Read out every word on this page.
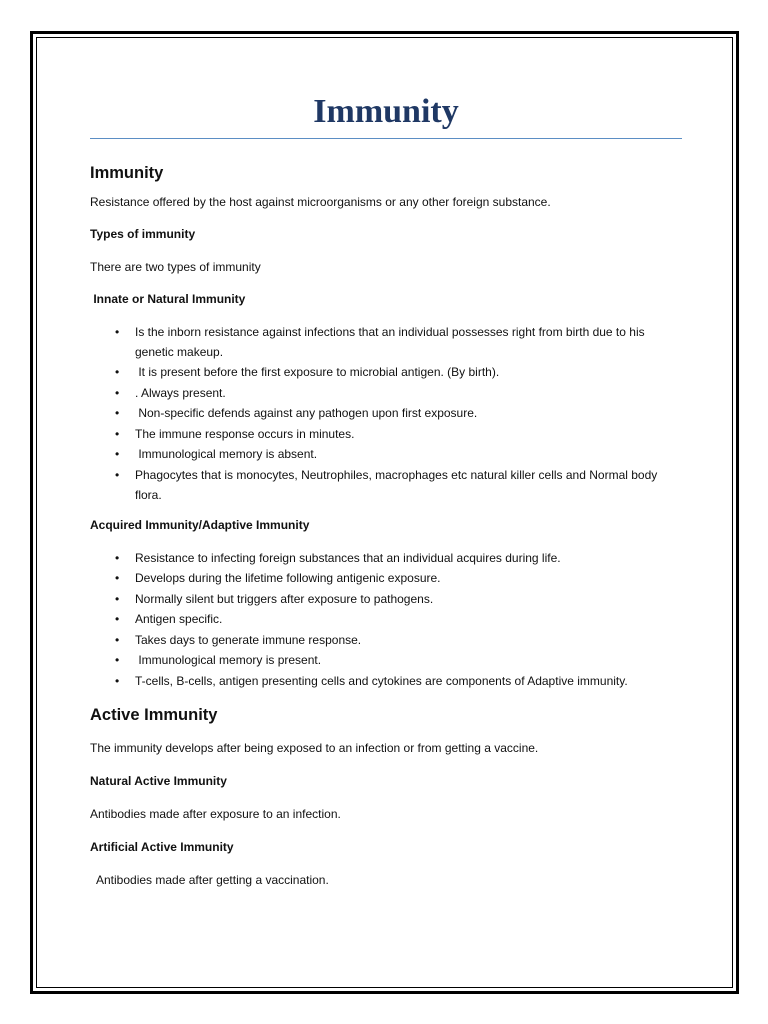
Immunity
Immunity

Resistance offered by the host against microorganisms or any other foreign substance.

Types of immunity

There are two types of immunity

Innate or Natural Immunity
• Is the inborn resistance against infections that an individual possesses right from birth due to his genetic makeup.
• It is present before the first exposure to microbial antigen. (By birth).
• . Always present.
• Non-specific defends against any pathogen upon first exposure.
• The immune response occurs in minutes.
• Immunological memory is absent.
• Phagocytes that is monocytes, Neutrophiles, macrophages etc natural killer cells and Normal body flora.
Acquired Immunity/Adaptive Immunity
• Resistance to infecting foreign substances that an individual acquires during life.
• Develops during the lifetime following antigenic exposure.
• Normally silent but triggers after exposure to pathogens.
• Antigen specific.
• Takes days to generate immune response.
• Immunological memory is present.
• T-cells, B-cells, antigen presenting cells and cytokines are components of Adaptive immunity.
Active Immunity

The immunity develops after being exposed to an infection or from getting a vaccine.

Natural Active Immunity

Antibodies made after exposure to an infection.

Artificial Active Immunity

Antibodies made after getting a vaccination.
